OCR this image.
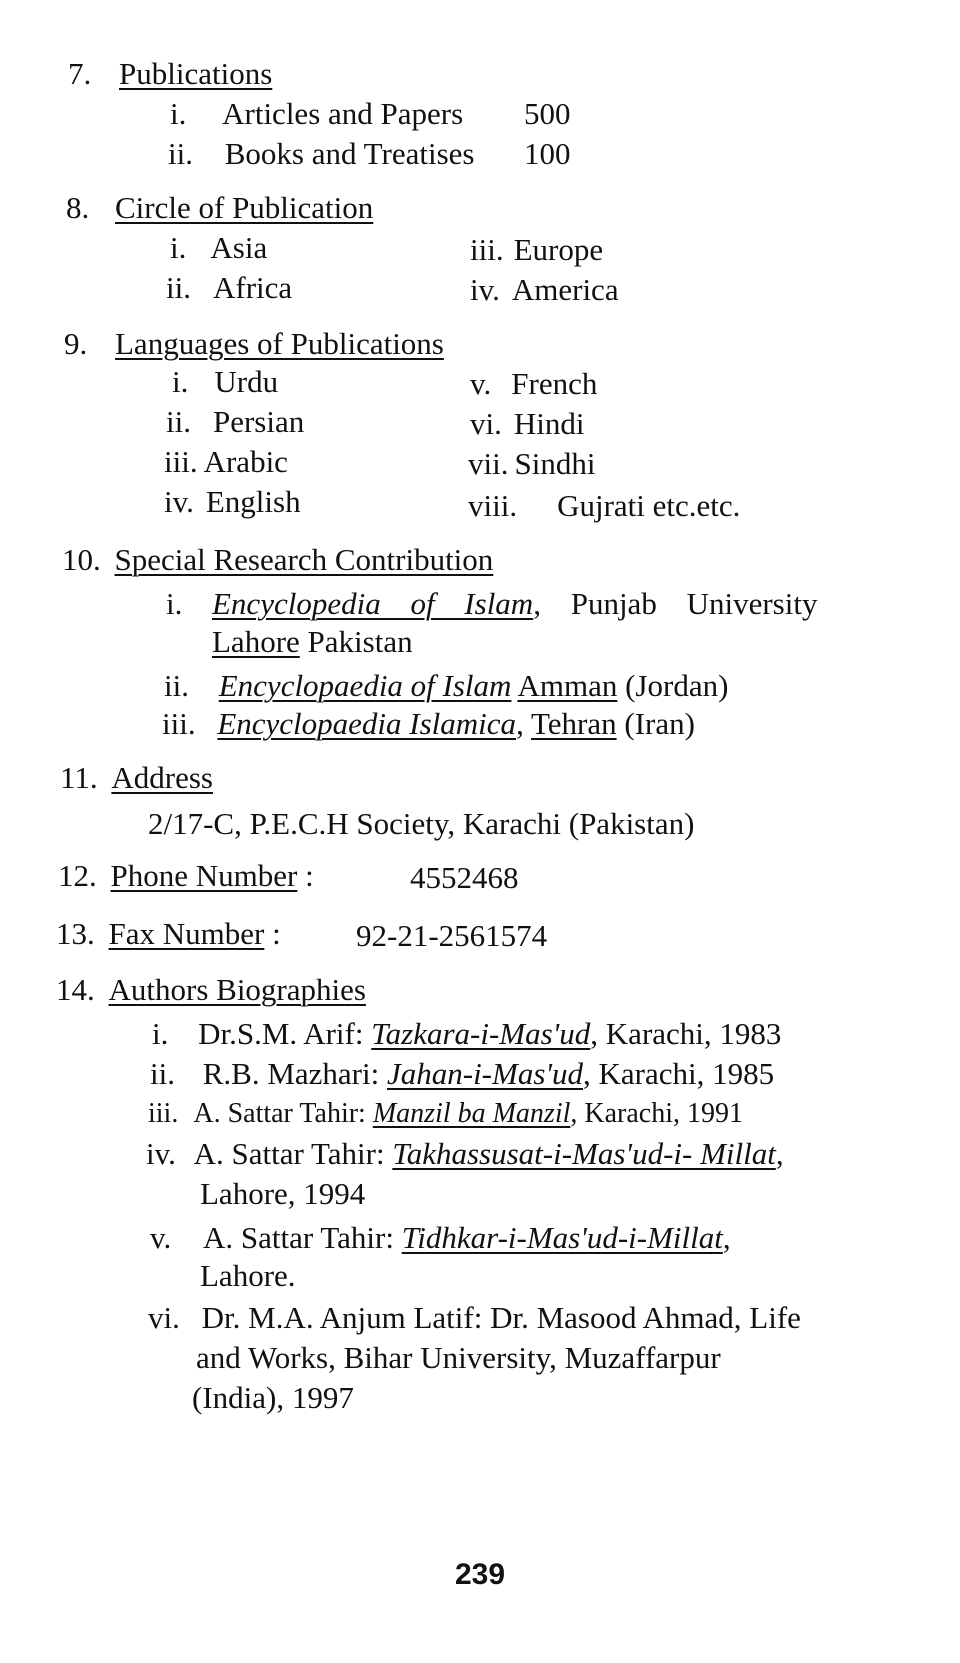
7. Publications
i. Articles and Papers 500
ii. Books and Treatises 100
8. Circle of Publication
i. Asia
ii. Africa
iii. Europe
iv. America
9. Languages of Publications
i. Urdu
ii. Persian
iii. Arabic
iv. English
v. French
vi. Hindi
vii. Sindhi
viii. Gujrati etc.etc.
10. Special Research Contribution
i. Encyclopedia of Islam, Punjab University
Lahore Pakistan
ii. Encyclopaedia of Islam Amman (Jordan)
iii. Encyclopaedia Islamica, Tehran (Iran)
11. Address
2/17-C, P.E.C.H Society, Karachi (Pakistan)
12. Phone Number :	4552468
13. Fax Number : 92-21-2561574
14. Authors Biographies
i. Dr.S.M. Arif: Tazkara-i-Mas'ud, Karachi, 1983
ii. R.B. Mazhari: Jahan-i-Mas'ud, Karachi, 1985
iii. A. Sattar Tahir: Manzil ba Manzil, Karachi, 1991
iv. A. Sattar Tahir: Takhassusat-i-Mas'ud-i- Millat,
Lahore, 1994
v. A. Sattar Tahir: Tidhkar-i-Mas'ud-i-Millat,
Lahore.
vi. Dr. M.A. Anjum Latif: Dr. Masood Ahmad, Life
and Works, Bihar University, Muzaffarpur
(India), 1997
239
